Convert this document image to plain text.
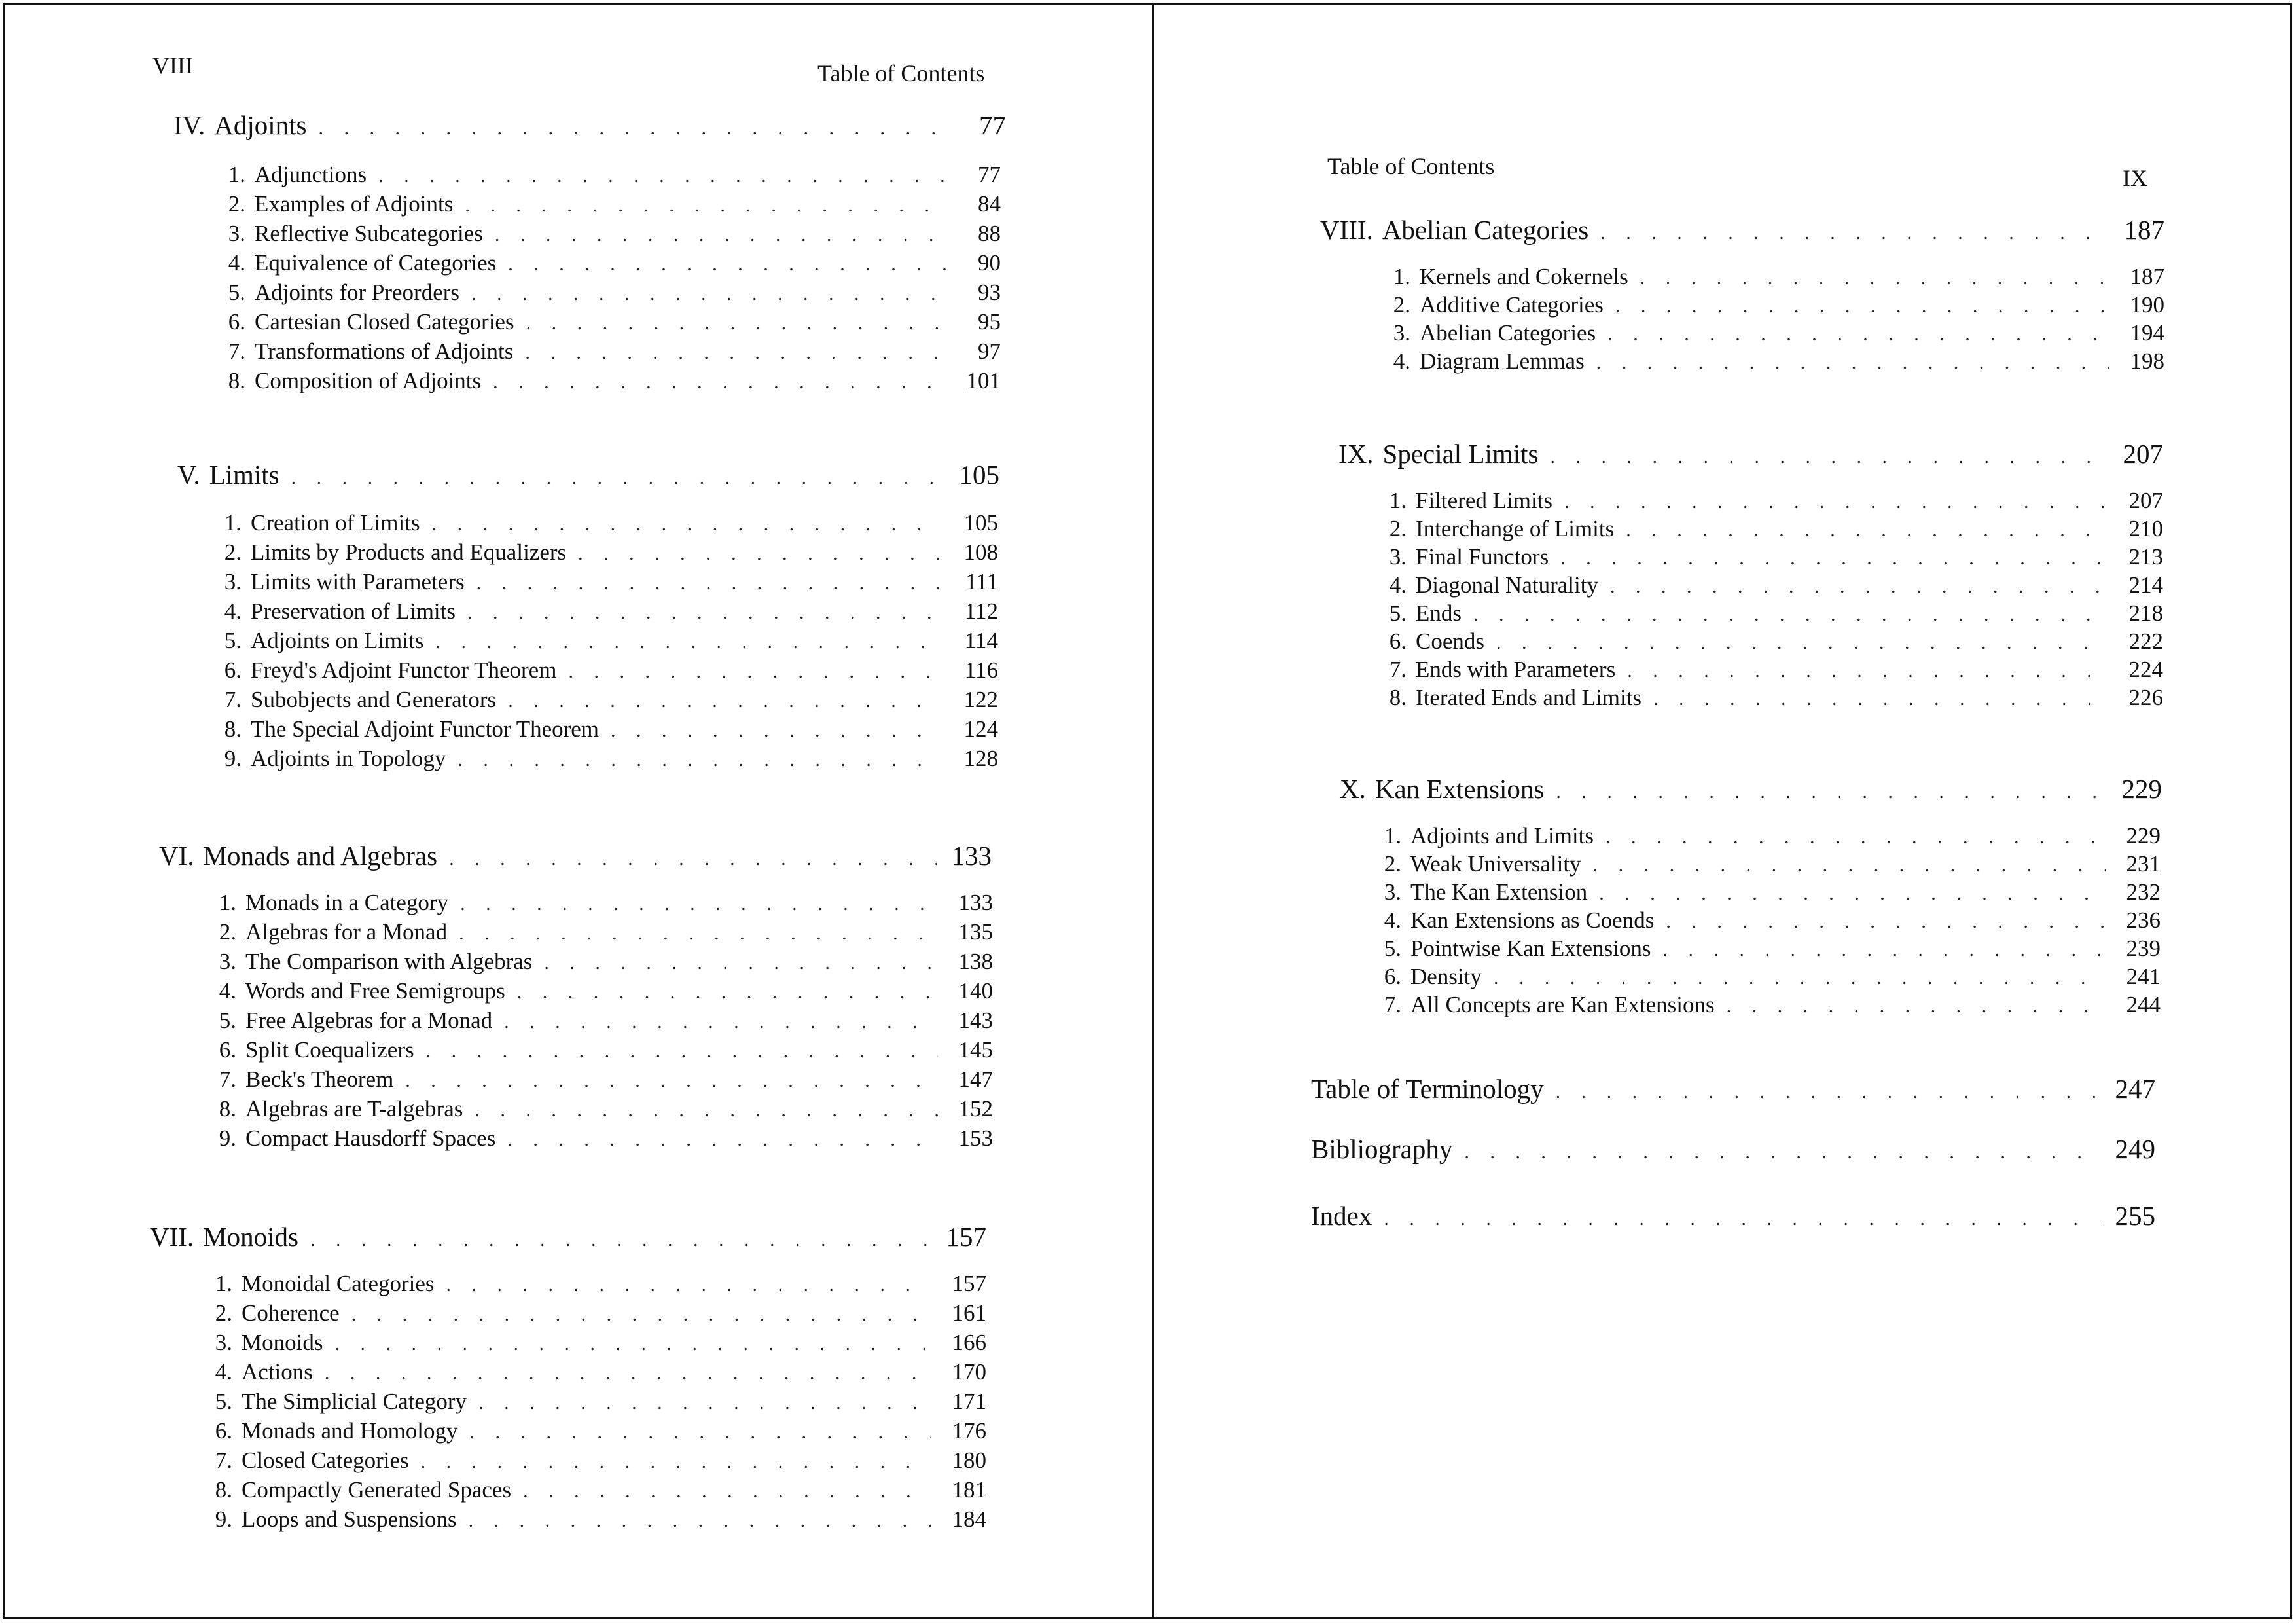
VIII	Table of Contents
IV. Adjoints . . .	77
1. Adjunctions . . .	77
2. Examples of Adjoints . . .	84
3. Reflective Subcategories . . .	88
4. Equivalence of Categories . . .	90
5. Adjoints for Preorders . . .	93
6. Cartesian Closed Categories . . .	95
7. Transformations of Adjoints . . .	97
8. Composition of Adjoints . . .	101
V. Limits . . .	105
1. Creation of Limits . . .	105
2. Limits by Products and Equalizers . . .	108
3. Limits with Parameters . . .	111
4. Preservation of Limits . . .	112
5. Adjoints on Limits . . .	114
6. Freyd's Adjoint Functor Theorem . . .	116
7. Subobjects and Generators . . .	122
8. The Special Adjoint Functor Theorem . . .	124
9. Adjoints in Topology . . .	128
VI. Monads and Algebras . . .	133
1. Monads in a Category . . .	133
2. Algebras for a Monad . . .	135
3. The Comparison with Algebras . . .	138
4. Words and Free Semigroups . . .	140
5. Free Algebras for a Monad . . .	143
6. Split Coequalizers . . .	145
7. Beck's Theorem . . .	147
8. Algebras are T-algebras . . .	152
9. Compact Hausdorff Spaces . . .	153
VII. Monoids . . .	157
1. Monoidal Categories . . .	157
2. Coherence . . .	161
3. Monoids . . .	166
4. Actions . . .	170
5. The Simplicial Category . . .	171
6. Monads and Homology . . .	176
7. Closed Categories . . .	180
8. Compactly Generated Spaces . . .	181
9. Loops and Suspensions . . .	184
Table of Contents	IX
VIII. Abelian Categories . . .	187
1. Kernels and Cokernels . . .	187
2. Additive Categories . . .	190
3. Abelian Categories . . .	194
4. Diagram Lemmas . . .	198
IX. Special Limits . . .	207
1. Filtered Limits . . .	207
2. Interchange of Limits . . .	210
3. Final Functors . . .	213
4. Diagonal Naturality . . .	214
5. Ends . . .	218
6. Coends . . .	222
7. Ends with Parameters . . .	224
8. Iterated Ends and Limits . . .	226
X. Kan Extensions . . .	229
1. Adjoints and Limits . . .	229
2. Weak Universality . . .	231
3. The Kan Extension . . .	232
4. Kan Extensions as Coends . . .	236
5. Pointwise Kan Extensions . . .	239
6. Density . . .	241
7. All Concepts are Kan Extensions . . .	244
Table of Terminology . . .	247
Bibliography . . .	249
Index . . .	255
